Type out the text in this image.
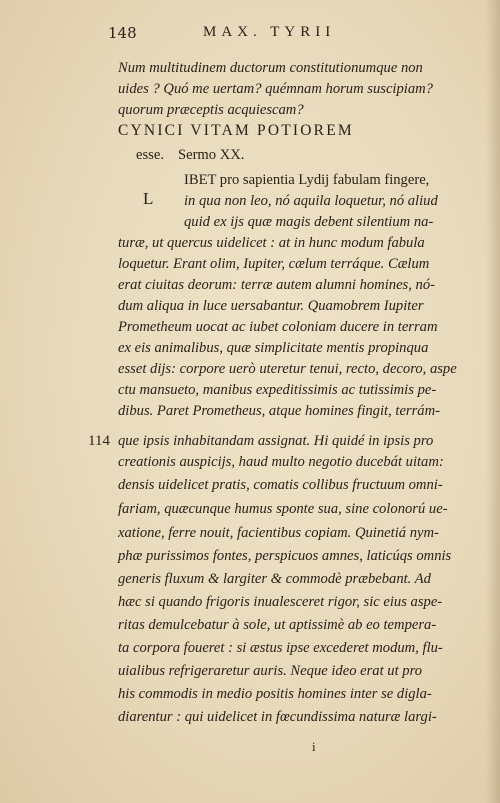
148	MAX. TYRII
Num multitudinem ductorum constitutionumque non
uides ? Quó me uertam? quémnam horum suscipiam?
quorum præceptis acquiescam?
CYNICI VITAM POTIOREM
esse. Sermo XX.
IBET pro sapientia Lydij fabulam fingere,
L in qua non leo, nó aquila loquetur, nó aliud
quid ex ijs quæ magis debent silentium na-
turæ, ut quercus uidelicet : at in hunc modum fabula
loquetur. Erant olim, Iupiter, cælum terráque. Cælum
erat ciuitas deorum: terræ autem alumni homines, nó-
dum aliqua in luce uersabantur. Quamobrem Iupiter
Prometheum uocat ac iubet coloniam ducere in terram
ex eis animalibus, quæ simplicitate mentis propinqua
esset dijs: corpore uerò uteretur tenui, recto, decoro, aspe
ctu mansueto, manibus expeditissimis ac tutissimis pe-
dibus. Paret Prometheus, atque homines fingit, terrám-
114 que ipsis inhabitandam assignat. Hi quidé in ipsis pro
creationis auspicijs, haud multo negotio ducebát uitam:
densis uidelicet pratis, comatis collibus fructuum omni-
fariam, quæcunque humus sponte sua, sine colonorú ue-
xatione, ferre nouit, facientibus copiam. Quinetiá nym-
phæ purissimos fontes, perspicuos amnes, laticúqs omnis
generis fluxum & largiter & commodè præbebant. Ad
hæc si quando frigoris inualesceret rigor, sic eius aspe-
ritas demulcebatur à sole, ut aptissimè ab eo tempera-
ta corpora foueret : si æstus ipse excederet modum, flu-
uialibus refrigeraretur auris. Neque ideo erat ut pro
his commodis in medio positis homines inter se digla-
diarentur : qui uidelicet in fœcundissima naturæ largi-
i
